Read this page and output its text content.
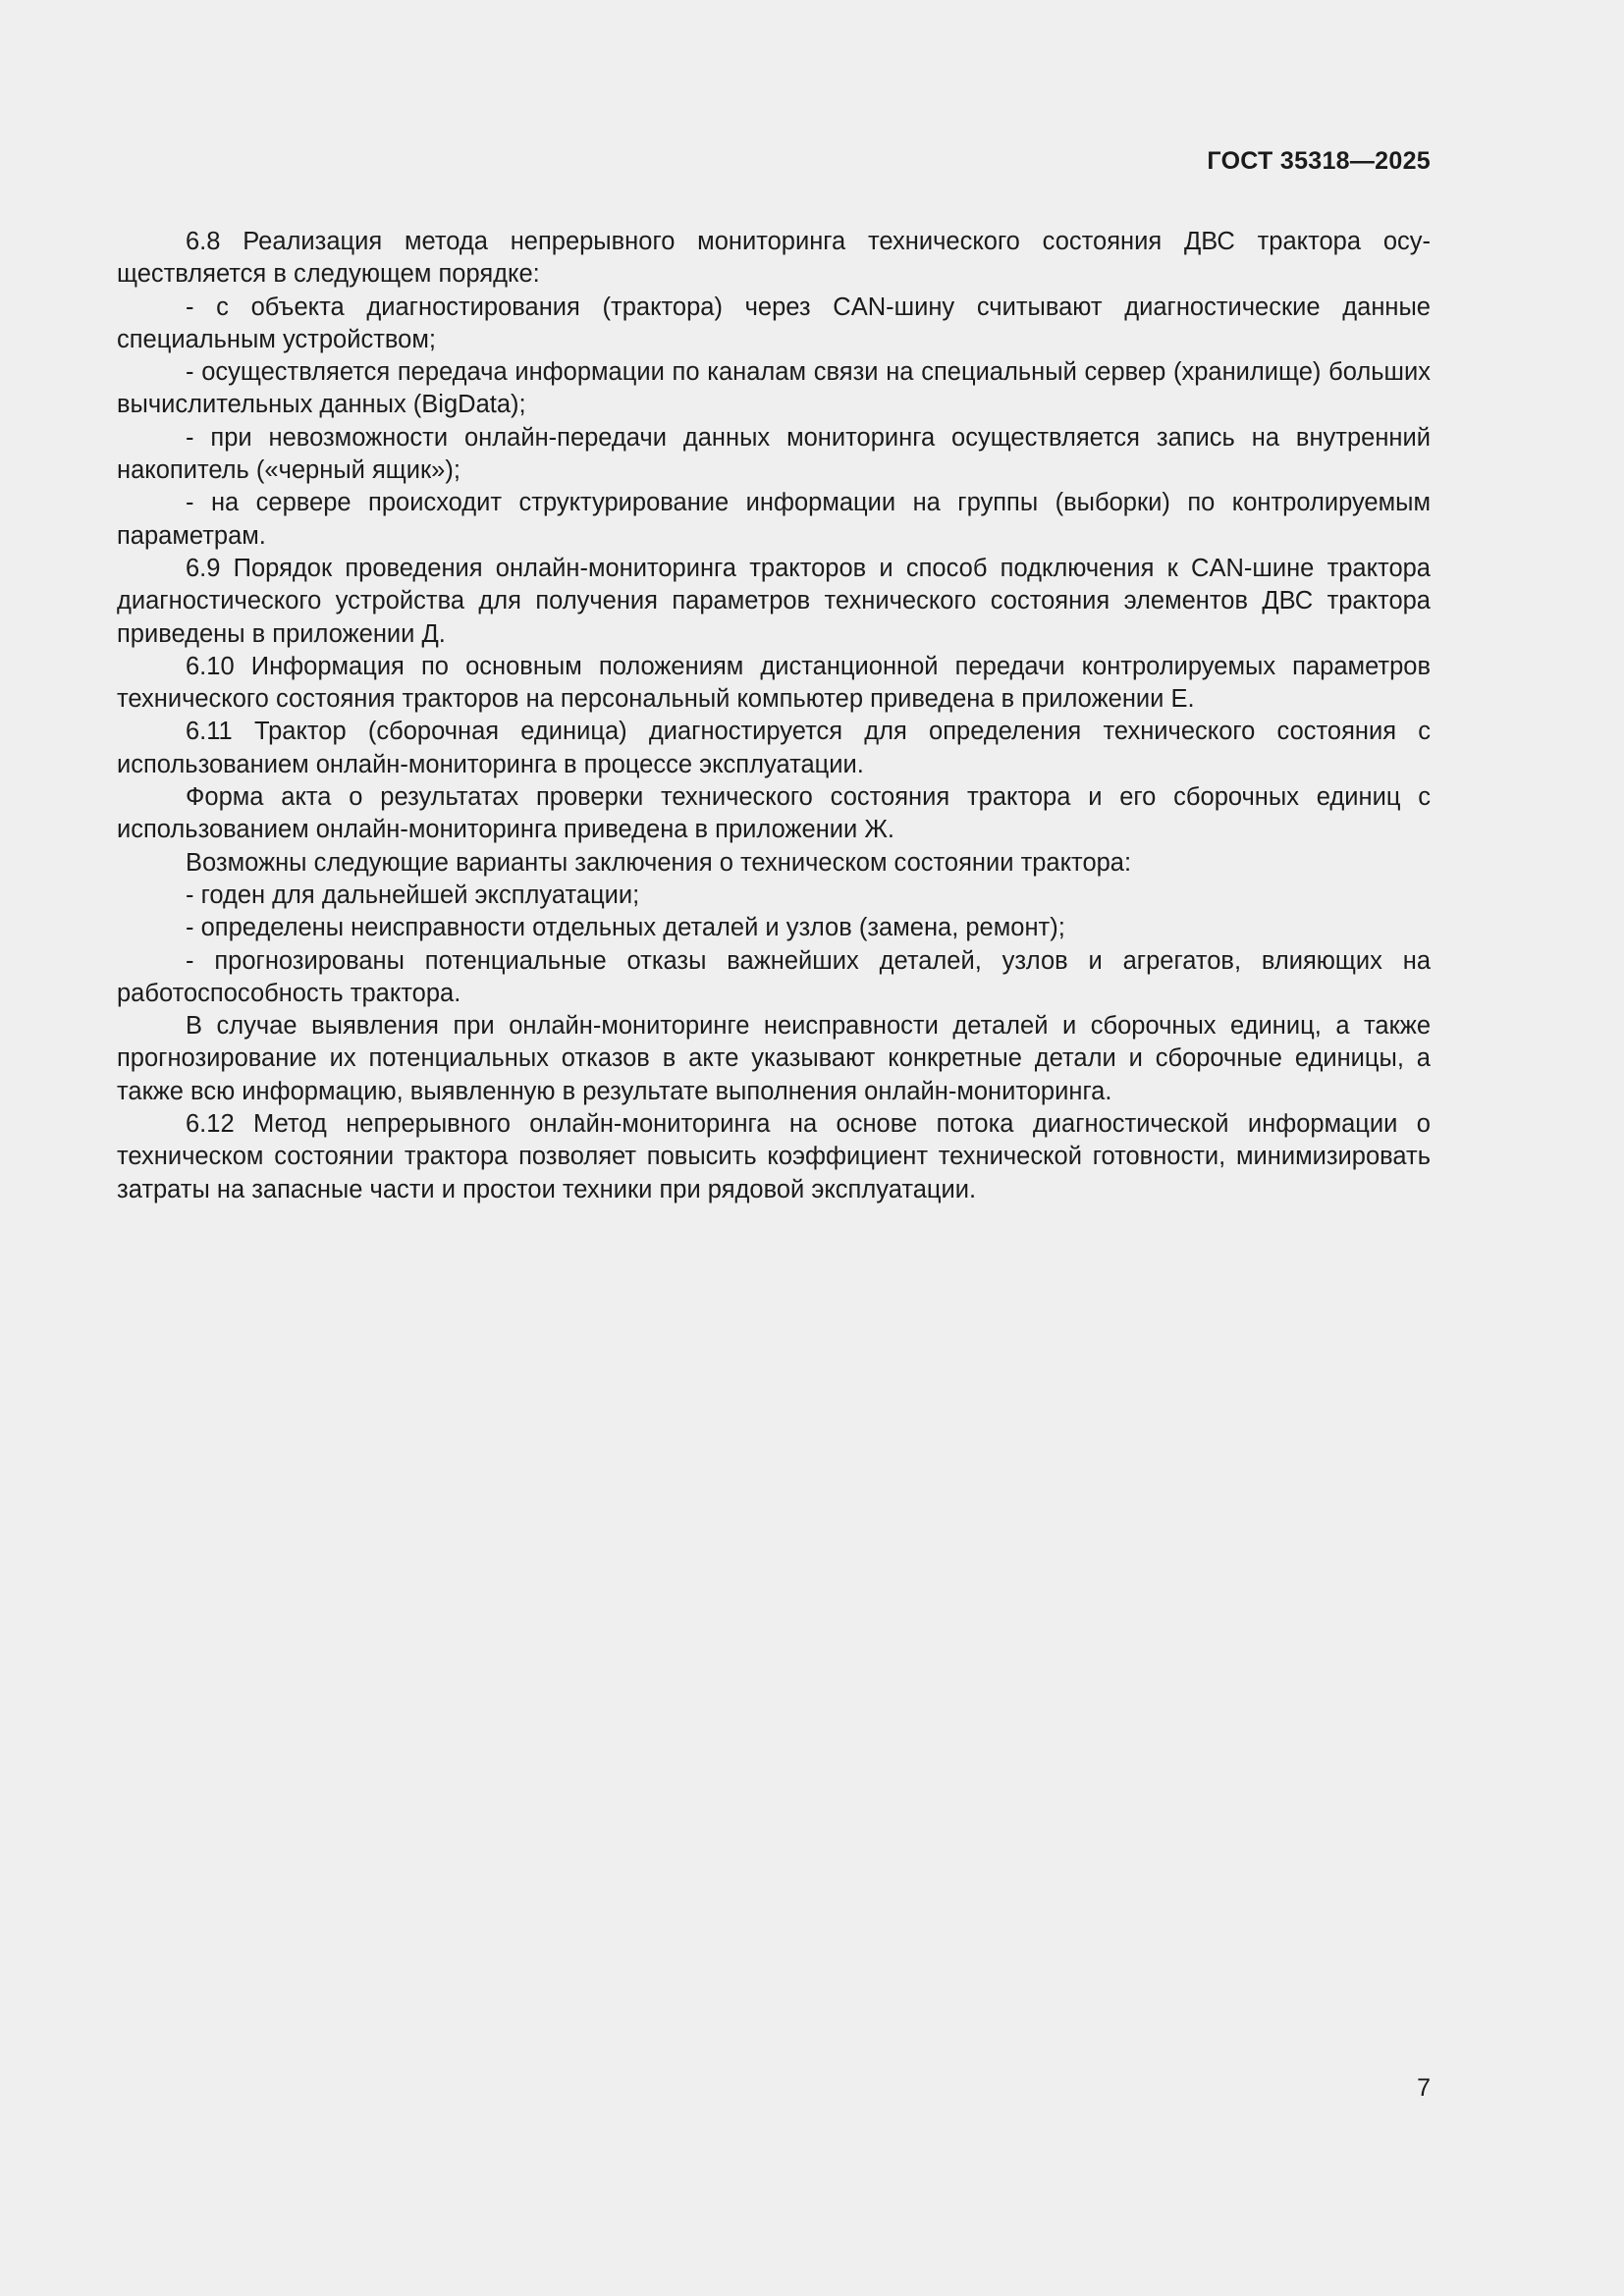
ГОСТ 35318—2025

6.8 Реализация метода непрерывного мониторинга технического состояния ДВС трактора осуществляется в следующем порядке:

- с объекта диагностирования (трактора) через CAN-шину считывают диагностические данные специальным устройством;

- осуществляется передача информации по каналам связи на специальный сервер (хранилище) больших вычислительных данных (BigData);

- при невозможности онлайн-передачи данных мониторинга осуществляется запись на внутренний накопитель («черный ящик»);

- на сервере происходит структурирование информации на группы (выборки) по контролируемым параметрам.

6.9 Порядок проведения онлайн-мониторинга тракторов и способ подключения к CAN-шине трактора диагностического устройства для получения параметров технического состояния элементов ДВС трактора приведены в приложении Д.

6.10 Информация по основным положениям дистанционной передачи контролируемых параметров технического состояния тракторов на персональный компьютер приведена в приложении Е.

6.11 Трактор (сборочная единица) диагностируется для определения технического состояния с использованием онлайн-мониторинга в процессе эксплуатации.

Форма акта о результатах проверки технического состояния трактора и его сборочных единиц с использованием онлайн-мониторинга приведена в приложении Ж.

Возможны следующие варианты заключения о техническом состоянии трактора:

- годен для дальнейшей эксплуатации;

- определены неисправности отдельных деталей и узлов (замена, ремонт);

- прогнозированы потенциальные отказы важнейших деталей, узлов и агрегатов, влияющих на работоспособность трактора.

В случае выявления при онлайн-мониторинге неисправности деталей и сборочных единиц, а также прогнозирование их потенциальных отказов в акте указывают конкретные детали и сборочные единицы, а также всю информацию, выявленную в результате выполнения онлайн-мониторинга.

6.12 Метод непрерывного онлайн-мониторинга на основе потока диагностической информации о техническом состоянии трактора позволяет повысить коэффициент технической готовности, минимизировать затраты на запасные части и простои техники при рядовой эксплуатации.

7
